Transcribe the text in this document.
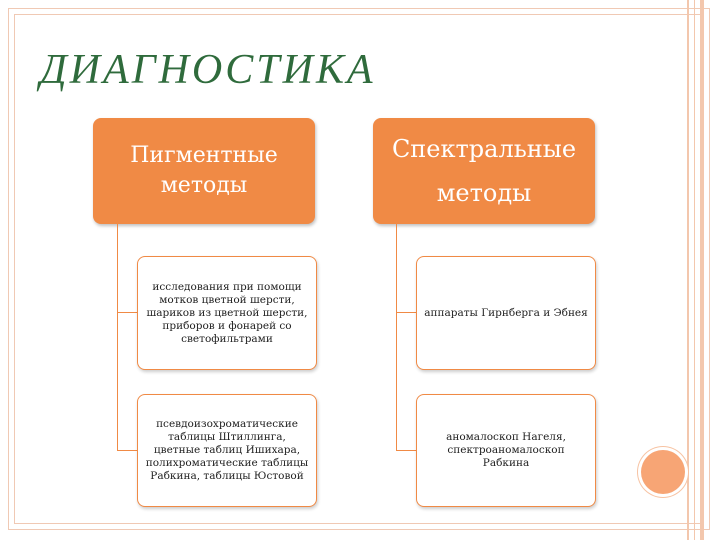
ДИАГНОСТИКА
Пигментные методы
исследования при помощи мотков цветной шерсти, шариков из цветной шерсти, приборов и фонарей со светофильтрами
псевдоизохроматические таблицы Штиллинга, цветные таблиц Ишихара, полихроматические таблицы Рабкина, таблицы Юстовой
Спектральные методы
аппараты Гирнберга и Эбнея
аномалоскоп Нагеля, спектроаномалоскоп Рабкина
